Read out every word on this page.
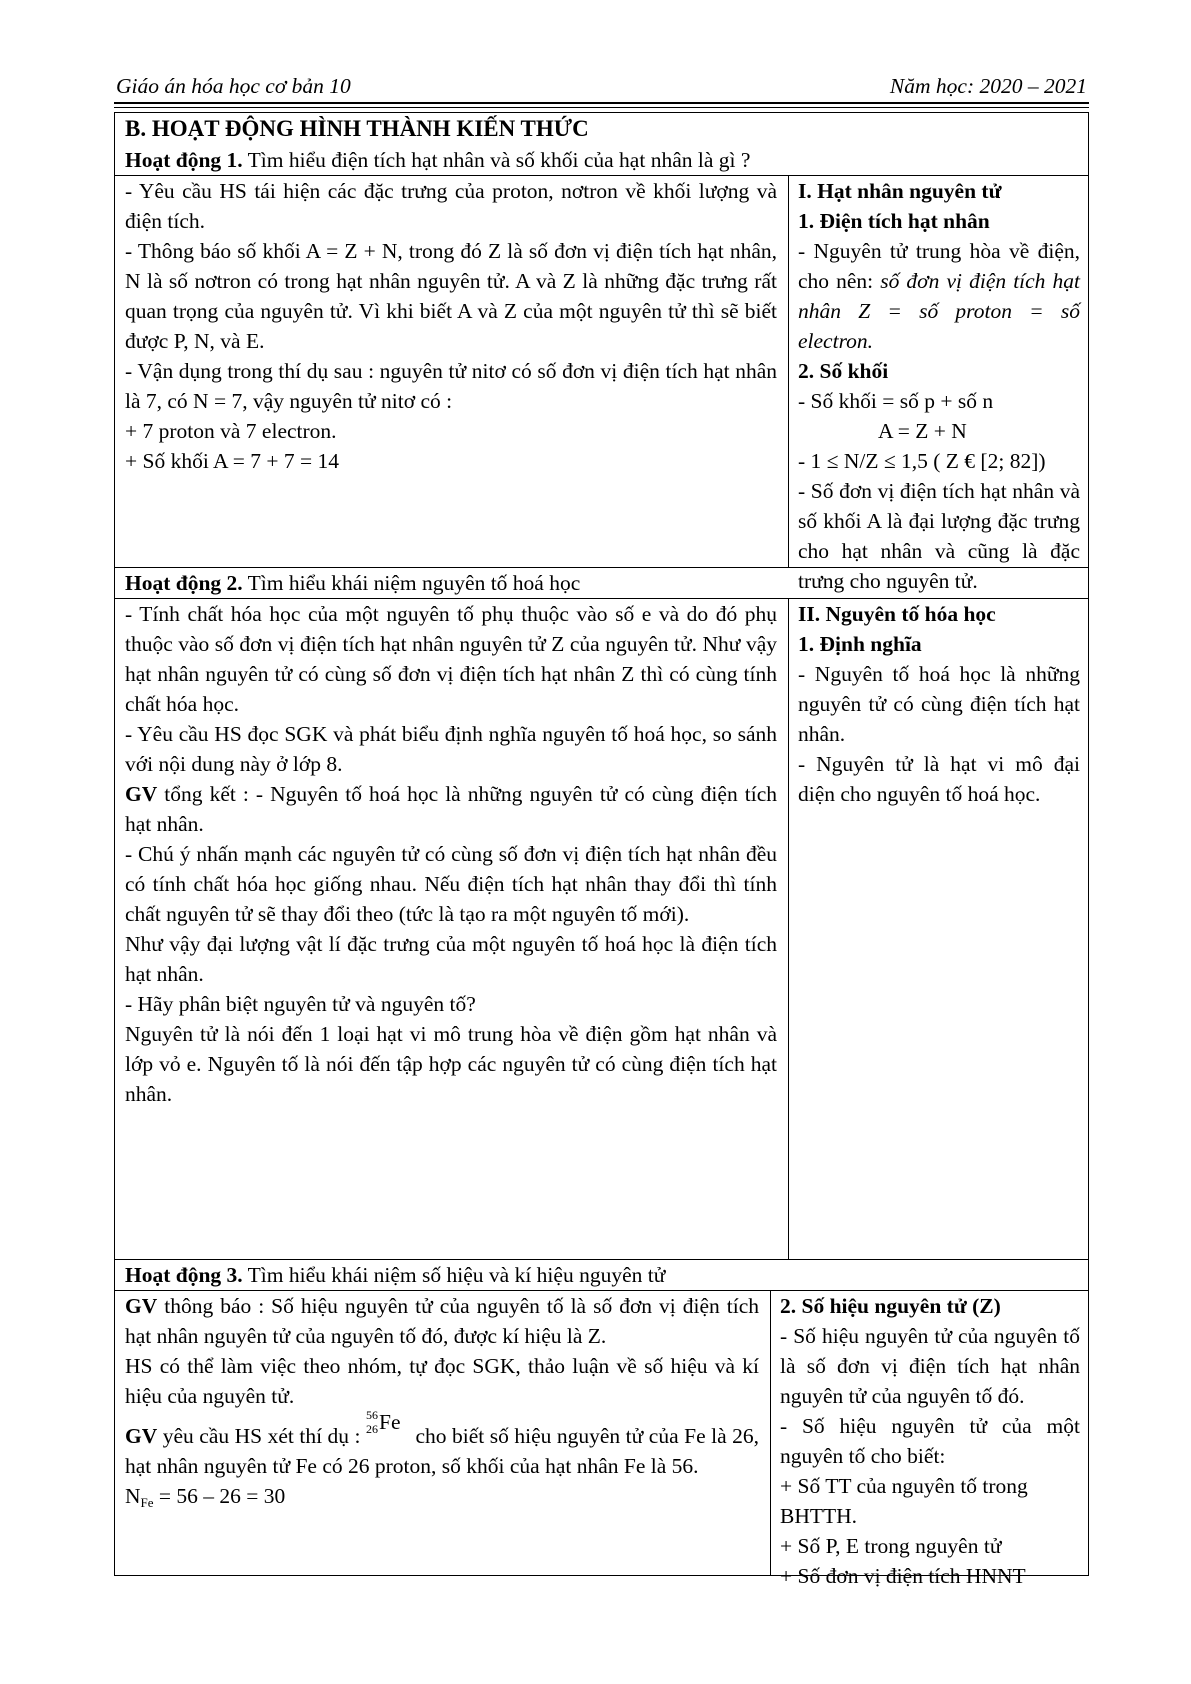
Giáo án hóa học cơ bản 10	Năm học: 2020 – 2021

B. HOẠT ĐỘNG HÌNH THÀNH KIẾN THỨC

Hoạt động 1. Tìm hiểu điện tích hạt nhân và số khối của hạt nhân là gì ?

- Yêu cầu HS tái hiện các đặc trưng của proton, nơtron về khối lượng và điện tích.

- Thông báo số khối A = Z + N, trong đó Z là số đơn vị điện tích hạt nhân, N là số nơtron có trong hạt nhân nguyên tử. A và Z là những đặc trưng rất quan trọng của nguyên tử. Vì khi biết A và Z của một nguyên tử thì sẽ biết được P, N, và E.

- Vận dụng trong thí dụ sau : nguyên tử nitơ có số đơn vị điện tích hạt nhân là 7, có N = 7, vậy nguyên tử nitơ có :

+ 7 proton và 7 electron.

+ Số khối A = 7 + 7 = 14

I. Hạt nhân nguyên tử

1. Điện tích hạt nhân

- Nguyên tử trung hòa về điện, cho nên: số đơn vị điện tích hạt nhân Z = số proton = số electron.

2. Số khối

- Số khối = số p + số n

A = Z + N

- 1 ≤ N/Z ≤ 1,5 ( Z € [2; 82])

- Số đơn vị điện tích hạt nhân và số khối A là đại lượng đặc trưng cho hạt nhân và cũng là đặc trưng cho nguyên tử.

Hoạt động 2. Tìm hiểu khái niệm nguyên tố hoá học

- Tính chất hóa học của một nguyên tố phụ thuộc vào số e và do đó phụ thuộc vào số đơn vị điện tích hạt nhân nguyên tử Z của nguyên tử. Như vậy hạt nhân nguyên tử có cùng số đơn vị điện tích hạt nhân Z thì có cùng tính chất hóa học.

- Yêu cầu HS đọc SGK và phát biểu định nghĩa nguyên tố hoá học, so sánh với nội dung này ở lớp 8.

GV tổng kết : - Nguyên tố hoá học là những nguyên tử có cùng điện tích hạt nhân.

- Chú ý nhấn mạnh các nguyên tử có cùng số đơn vị điện tích hạt nhân đều có tính chất hóa học giống nhau. Nếu điện tích hạt nhân thay đổi thì tính chất nguyên tử sẽ thay đổi theo (tức là tạo ra một nguyên tố mới).

Như vậy đại lượng vật lí đặc trưng của một nguyên tố hoá học là điện tích hạt nhân.

- Hãy phân biệt nguyên tử và nguyên tố?

Nguyên tử là nói đến 1 loại hạt vi mô trung hòa về điện gồm hạt nhân và lớp vỏ e. Nguyên tố là nói đến tập hợp các nguyên tử có cùng điện tích hạt nhân.

II. Nguyên tố hóa học

1. Định nghĩa

- Nguyên tố hoá học là những nguyên tử có cùng điện tích hạt nhân.

- Nguyên tử là hạt vi mô đại diện cho nguyên tố hoá học.

Hoạt động 3. Tìm hiểu khái niệm số hiệu và kí hiệu nguyên tử

GV thông báo : Số hiệu nguyên tử của nguyên tố là số đơn vị điện tích hạt nhân nguyên tử của nguyên tố đó, được kí hiệu là Z.

HS có thể làm việc theo nhóm, tự đọc SGK, thảo luận về số hiệu và kí hiệu của nguyên tử.

GV yêu cầu HS xét thí dụ :
56
26 Fe
cho biết số hiệu nguyên tử của Fe là 26, hạt nhân nguyên tử Fe có 26 proton, số khối của hạt nhân Fe là 56.

$N_{Fe} = 56 - 26 = 30$

2. Số hiệu nguyên tử (Z)

- Số hiệu nguyên tử của nguyên tố là số đơn vị điện tích hạt nhân nguyên tử của nguyên tố đó.

- Số hiệu nguyên tử của một nguyên tố cho biết:

+ Số TT của nguyên tố trong BHTTH.

+ Số P, E trong nguyên tử

+ Số đơn vị điện tích HNNT
